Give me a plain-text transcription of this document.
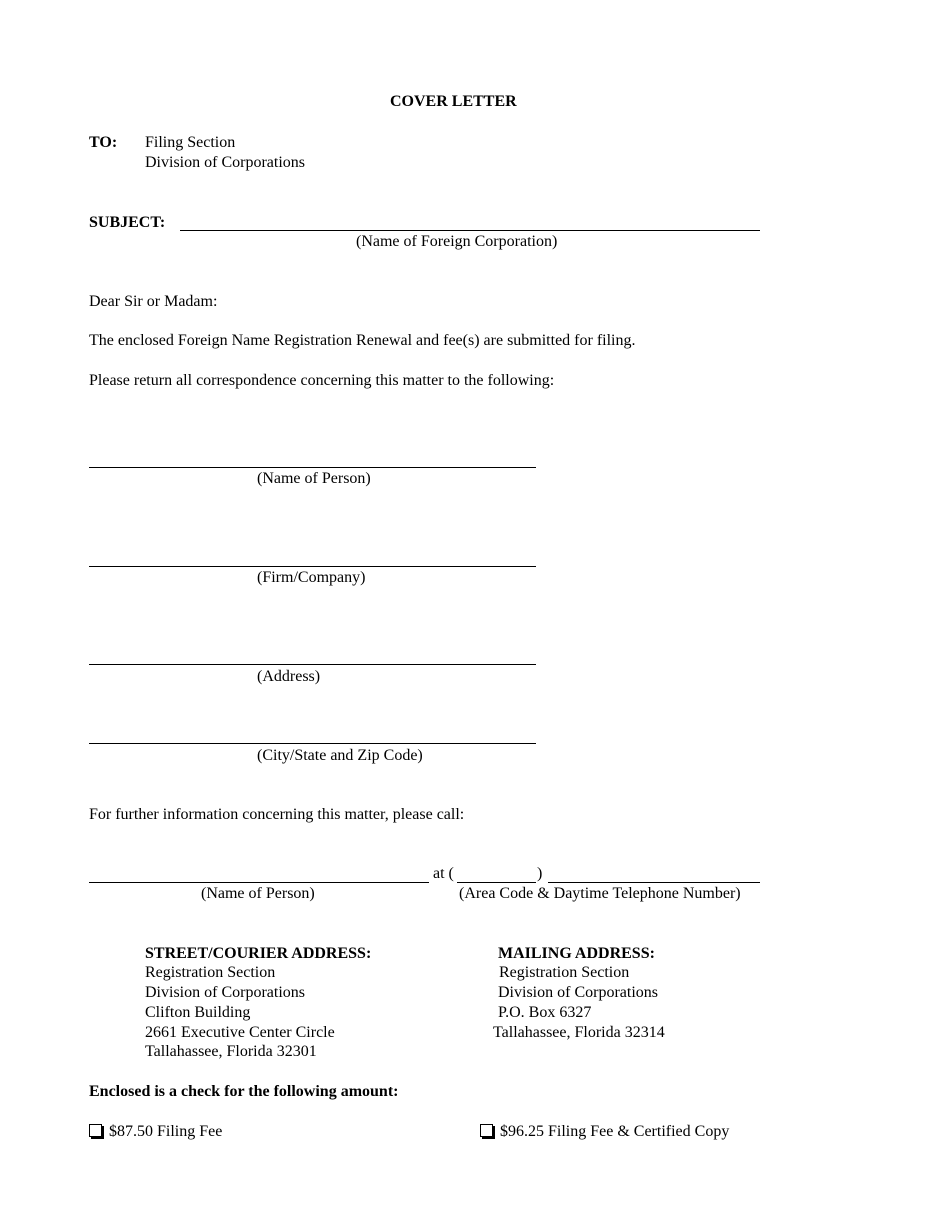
COVER LETTER
TO: Filing Section
Division of Corporations
SUBJECT:
(Name of Foreign Corporation)
Dear Sir or Madam:
The enclosed Foreign Name Registration Renewal and fee(s) are submitted for filing.
Please return all correspondence concerning this matter to the following:
(Name of Person)
(Firm/Company)
(Address)
(City/State and Zip Code)
For further information concerning this matter, please call:
at (	)
(Name of Person)	(Area Code & Daytime Telephone Number)
STREET/COURIER ADDRESS:
Registration Section
Division of Corporations
Clifton Building
2661 Executive Center Circle
Tallahassee, Florida 32301
MAILING ADDRESS:
Registration Section
Division of Corporations
P.O. Box 6327
Tallahassee, Florida 32314
Enclosed is a check for the following amount:
$87.50 Filing Fee	$96.25 Filing Fee & Certified Copy
